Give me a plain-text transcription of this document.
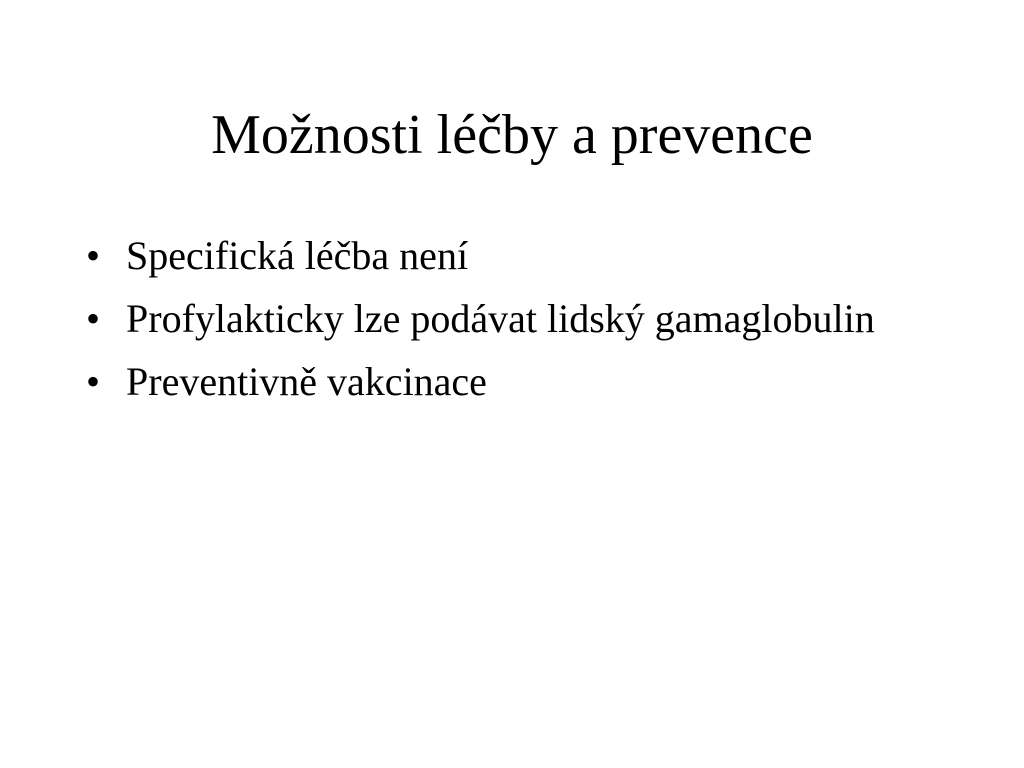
Možnosti léčby a prevence
• Specifická léčba není
• Profylakticky lze podávat lidský gamaglobulin
• Preventivně vakcinace
